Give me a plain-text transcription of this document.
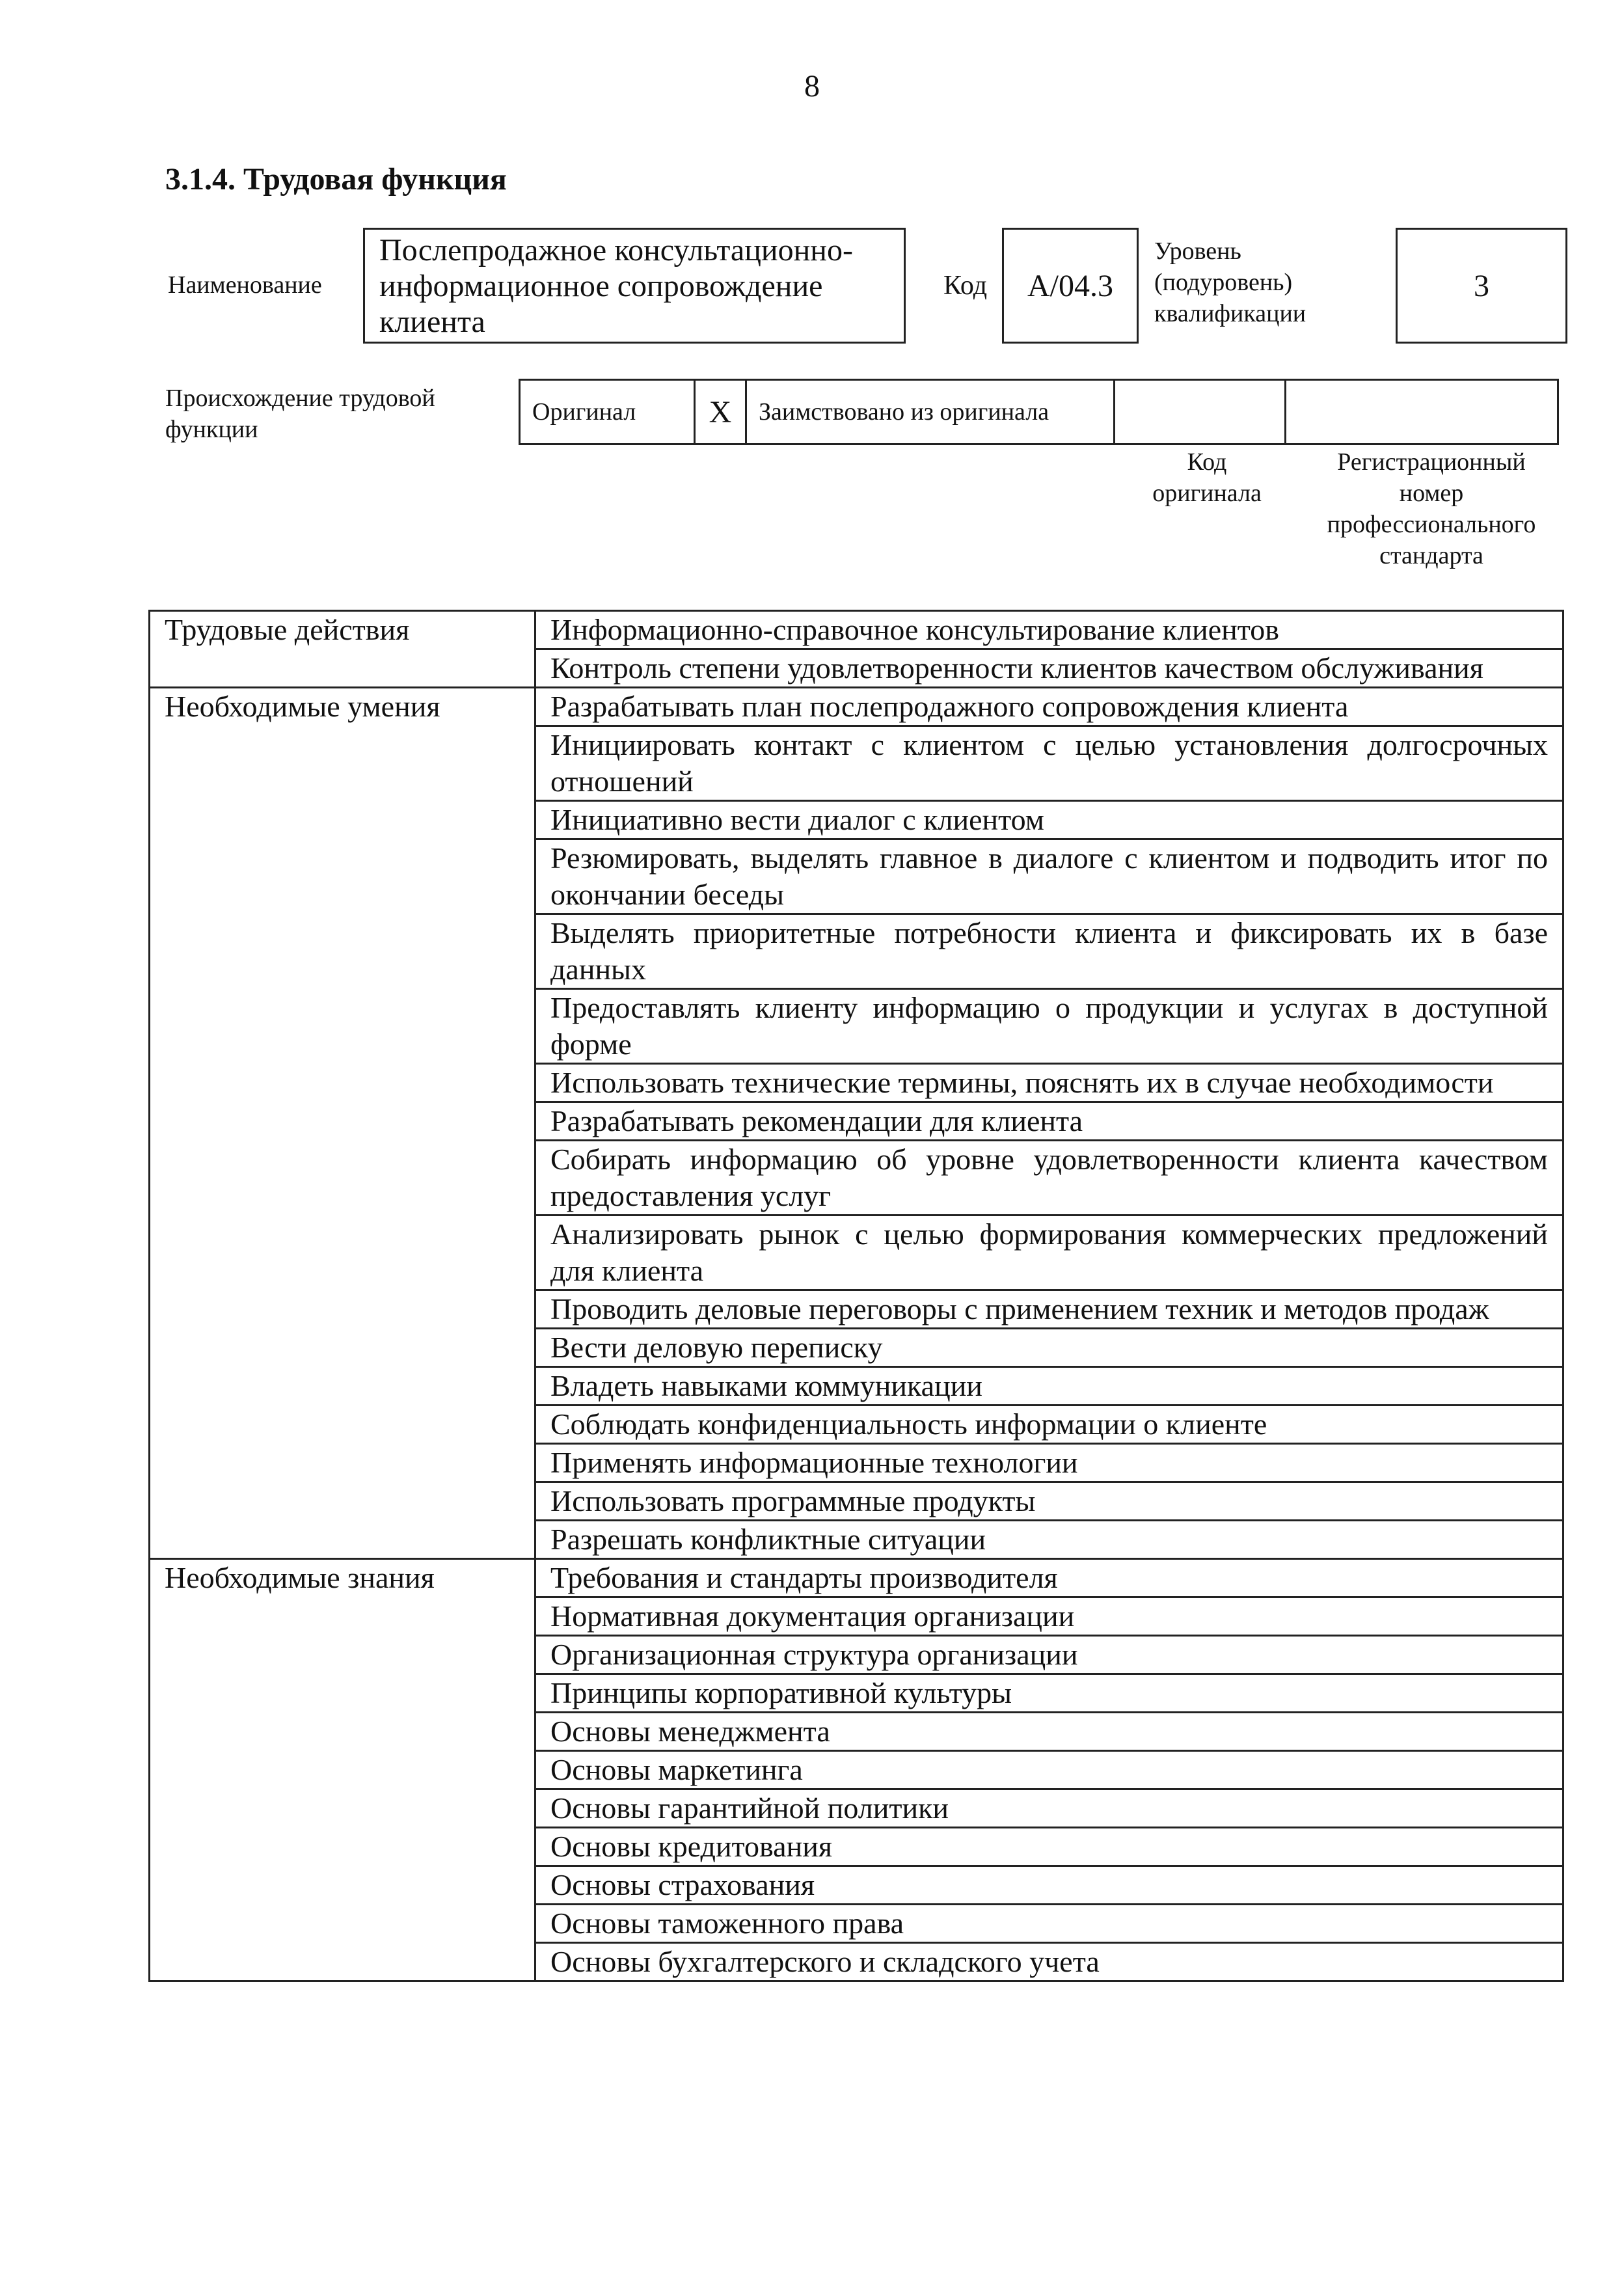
8
3.1.4. Трудовая функция
Наименование
Послепродажное консультационно-информационное сопровождение клиента
Код А/04.3
Уровень (подуровень) квалификации
3
Происхождение трудовой функции
Оригинал	X	Заимствовано из оригинала		
Код оригинала
Регистрационный номер профессионального стандарта
Трудовые действия	Информационно-справочное консультирование клиентов
	Контроль степени удовлетворенности клиентов качеством обслуживания
Необходимые умения	Разрабатывать план послепродажного сопровождения клиента
	Инициировать контакт с клиентом с целью установления долгосрочных отношений
	Инициативно вести диалог с клиентом
	Резюмировать, выделять главное в диалоге с клиентом и подводить итог по окончании беседы
	Выделять приоритетные потребности клиента и фиксировать их в базе данных
	Предоставлять клиенту информацию о продукции и услугах в доступной форме
	Использовать технические термины, пояснять их в случае необходимости
	Разрабатывать рекомендации для клиента
	Собирать информацию об уровне удовлетворенности клиента качеством предоставления услуг
	Анализировать рынок с целью формирования коммерческих предложений для клиента
	Проводить деловые переговоры с применением техник и методов продаж
	Вести деловую переписку
	Владеть навыками коммуникации
	Соблюдать конфиденциальность информации о клиенте
	Применять информационные технологии
	Использовать программные продукты
	Разрешать конфликтные ситуации
Необходимые знания	Требования и стандарты производителя
	Нормативная документация организации
	Организационная структура организации
	Принципы корпоративной культуры
	Основы менеджмента
	Основы маркетинга
	Основы гарантийной политики
	Основы кредитования
	Основы страхования
	Основы таможенного права
	Основы бухгалтерского и складского учета
